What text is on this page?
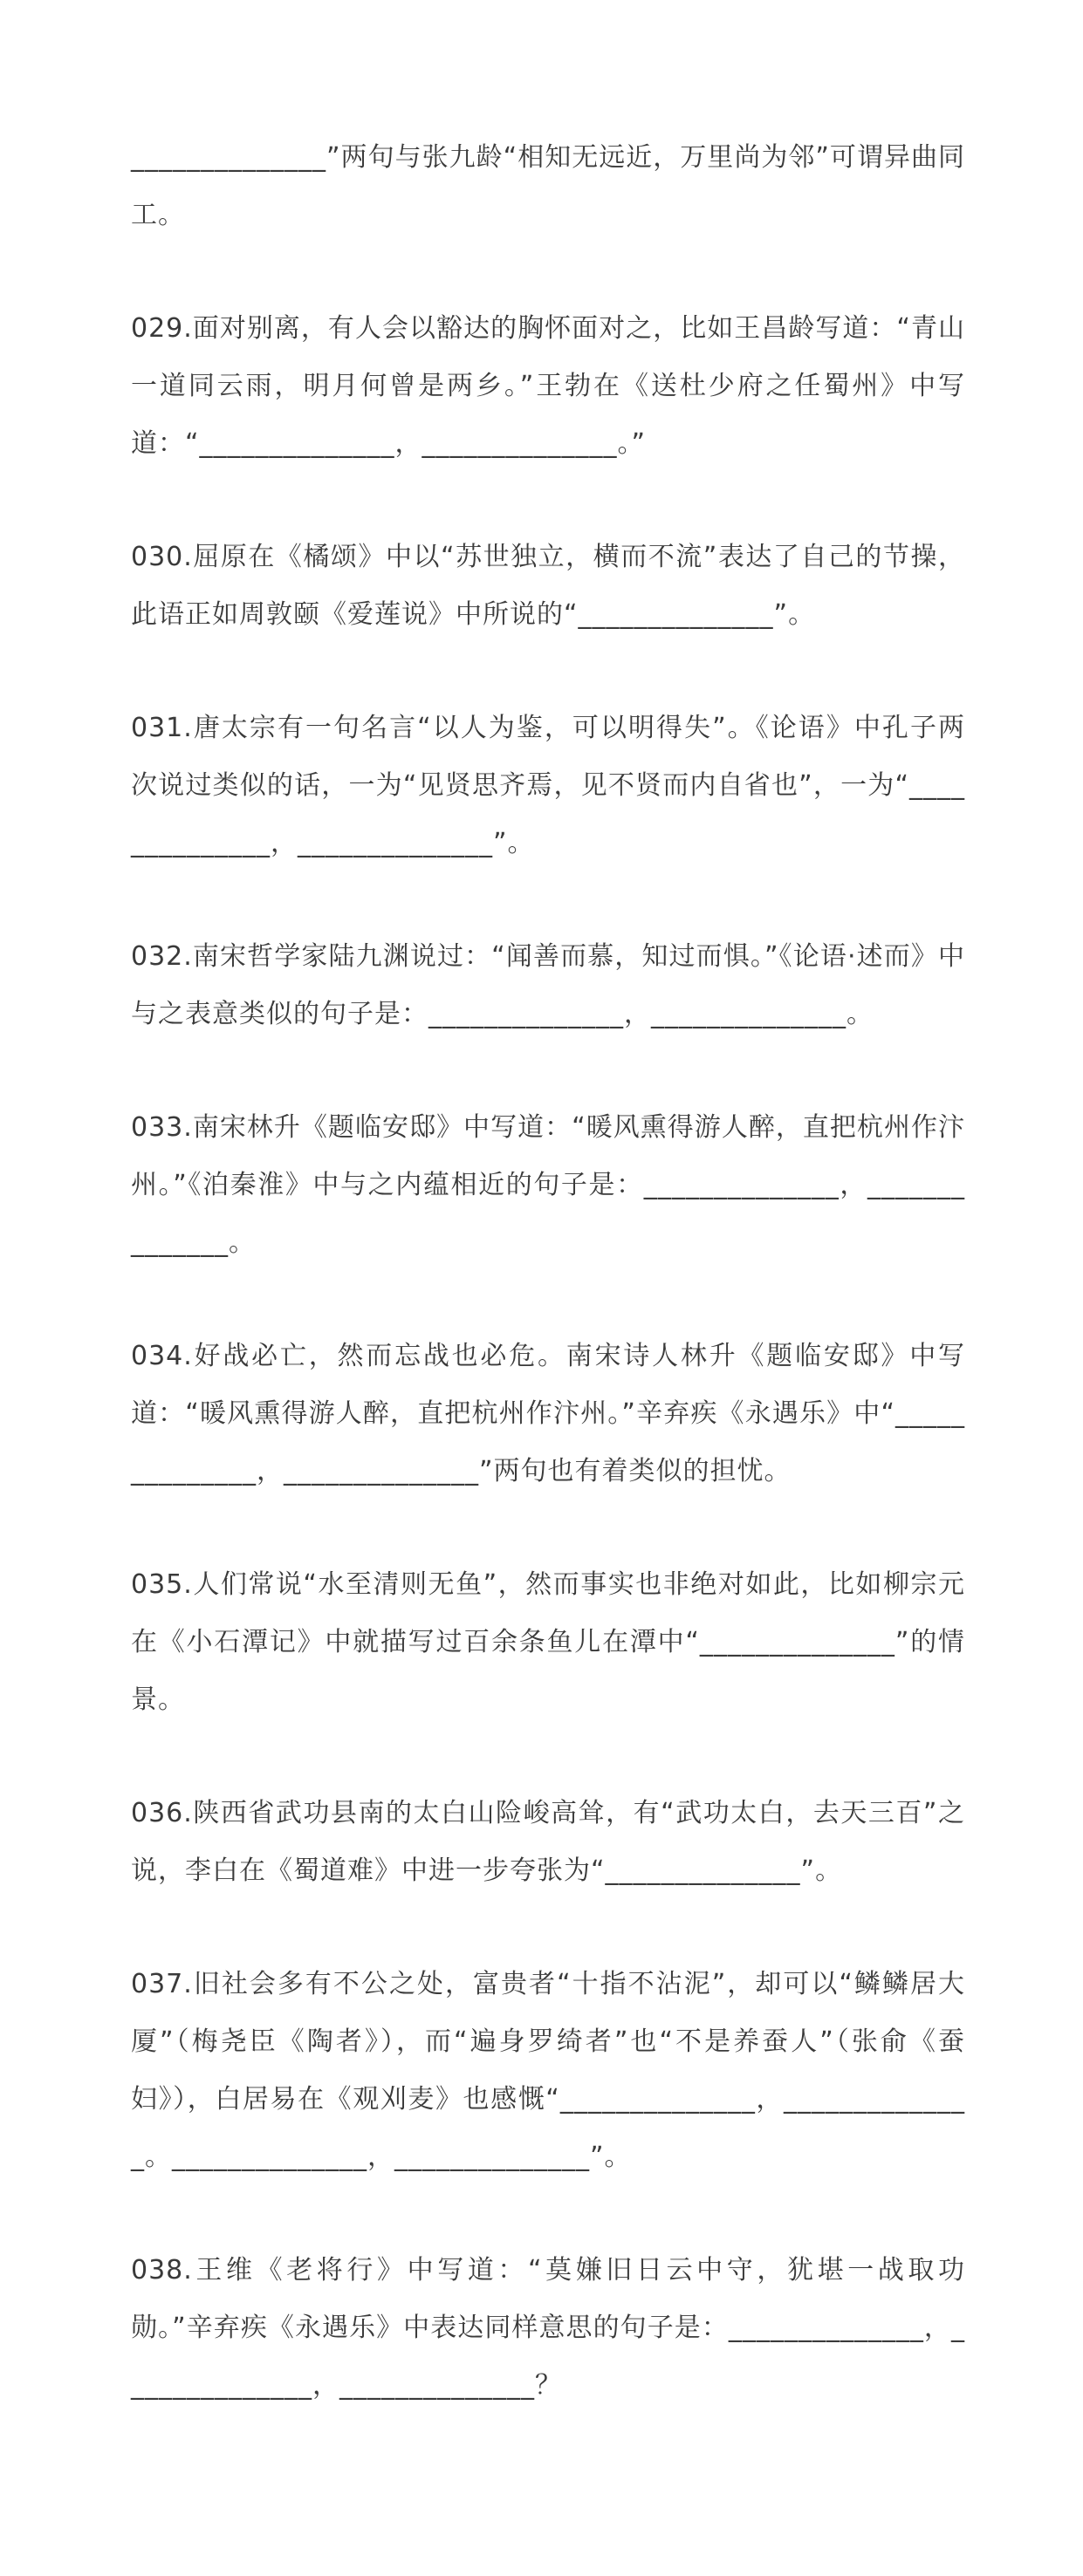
______________”两句与张九龄“相知无远近，万里尚为邻”可谓异曲同工。

029.面对别离，有人会以豁达的胸怀面对之，比如王昌龄写道：“青山一道同云雨，明月何曾是两乡。”王勃在《送杜少府之任蜀州》中写道：“______________，______________。”

030.屈原在《橘颂》中以“苏世独立，横而不流”表达了自己的节操，此语正如周敦颐《爱莲说》中所说的“______________”。

031.唐太宗有一句名言“以人为鉴，可以明得失”。《论语》中孔子两次说过类似的话，一为“见贤思齐焉，见不贤而内自省也”，一为“______________，______________”。

032.南宋哲学家陆九渊说过：“闻善而慕，知过而惧。”《论语·述而》中与之表意类似的句子是：______________，______________。

033.南宋林升《题临安邸》中写道：“暖风熏得游人醉，直把杭州作汴州。”《泊秦淮》中与之内蕴相近的句子是：______________，______________。

034.好战必亡，然而忘战也必危。南宋诗人林升《题临安邸》中写道：“暖风熏得游人醉，直把杭州作汴州。”辛弃疾《永遇乐》中“______________，______________”两句也有着类似的担忧。

035.人们常说“水至清则无鱼”，然而事实也非绝对如此，比如柳宗元在《小石潭记》中就描写过百余条鱼儿在潭中“______________”的情景。

036.陕西省武功县南的太白山险峻高耸，有“武功太白，去天三百”之说，李白在《蜀道难》中进一步夸张为“______________”。

037.旧社会多有不公之处，富贵者“十指不沾泥”，却可以“鳞鳞居大厦”（梅尧臣《陶者》），而“遍身罗绮者”也“不是养蚕人”（张俞《蚕妇》），白居易在《观刈麦》也感慨“______________，______________。______________，______________”。

038.王维《老将行》中写道：“莫嫌旧日云中守，犹堪一战取功勋。”辛弃疾《永遇乐》中表达同样意思的句子是：______________，______________，______________？
